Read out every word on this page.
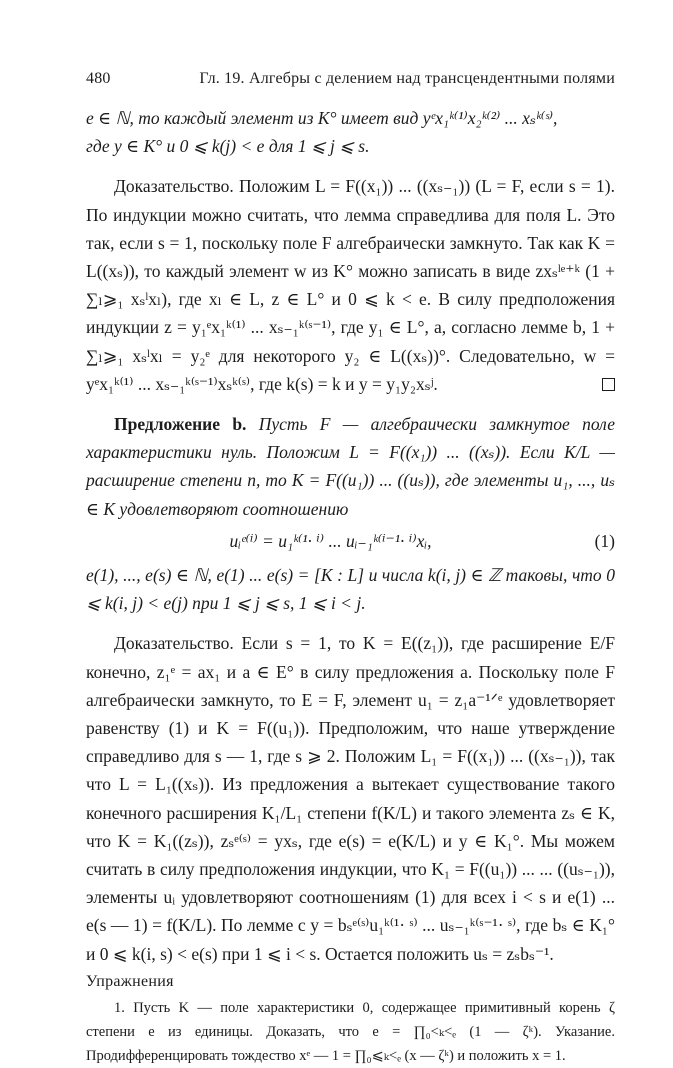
480	Гл. 19. Алгебры с делением над трансцендентными полями

e ∈ ℕ, то каждый элемент из K° имеет вид yᵉx₁ᵏ⁽¹⁾x₂ᵏ⁽²⁾ ... xₛᵏ⁽ˢ⁾,

где y ∈ K° и 0 ⩽ k(j) < e для 1 ⩽ j ⩽ s.

Доказательство. Положим L = F((x₁)) ... ((xₛ₋₁)) (L = F, если s = 1). По индукции можно считать, что лемма справедлива для поля L. Это так, если s = 1, поскольку поле F алгебраически замкнуто. Так как K = L((xₛ)), то каждый элемент w из K° можно записать в виде zxₛˡᵉ⁺ᵏ (1 + ∑ₗ⩾₁ xₛˡxₗ), где xₗ ∈ L, z ∈ L° и 0 ⩽ k < e. В силу предположения индукции z = y₁ᵉx₁ᵏ⁽¹⁾ ... xₛ₋₁ᵏ⁽ˢ⁻¹⁾, где y₁ ∈ L°, а, согласно лемме b, 1 + ∑ₗ⩾₁ xₛˡxₗ = y₂ᵉ для некоторого y₂ ∈ L((xₛ))°. Следовательно, w = yᵉx₁ᵏ⁽¹⁾ ... xₛ₋₁ᵏ⁽ˢ⁻¹⁾xₛᵏ⁽ˢ⁾, где k(s) = k и y = y₁y₂xₛʲ.

Предложение b. Пусть F — алгебраически замкнутое поле характеристики нуль. Положим L = F((x₁)) ... ((xₛ)). Если K/L — расширение степени n, то K = F((u₁)) ... ((uₛ)), где элементы u₁, ..., uₛ ∈ K удовлетворяют соотношению

uᵢᵉ⁽ⁱ⁾ = u₁ᵏ⁽¹· ⁱ⁾ ... uᵢ₋₁ᵏ⁽ⁱ⁻¹· ⁱ⁾xᵢ,	(1)

e(1), ..., e(s) ∈ ℕ, e(1) ... e(s) = [K : L] и числа k(i, j) ∈ ℤ таковы, что 0 ⩽ k(i, j) < e(j) при 1 ⩽ j ⩽ s, 1 ⩽ i < j.

Доказательство. Если s = 1, то K = E((z₁)), где расширение E/F конечно, z₁ᵉ = ax₁ и a ∈ E° в силу предложения a. Поскольку поле F алгебраически замкнуто, то E = F, элемент u₁ = z₁a⁻¹ᐟᵉ удовлетворяет равенству (1) и K = F((u₁)). Предположим, что наше утверждение справедливо для s — 1, где s ⩾ 2. Положим L₁ = F((x₁)) ... ((xₛ₋₁)), так что L = L₁((xₛ)). Из предложения a вытекает существование такого конечного расширения K₁/L₁ степени f(K/L) и такого элемента zₛ ∈ K, что K = K₁((zₛ)), zₛᵉ⁽ˢ⁾ = yxₛ, где e(s) = e(K/L) и y ∈ K₁°. Мы можем считать в силу предположения индукции, что K₁ = F((u₁)) ... ... ((uₛ₋₁)), элементы uᵢ удовлетворяют соотношениям (1) для всех i < s и e(1) ... e(s — 1) = f(K/L). По лемме c y = bₛᵉ⁽ˢ⁾u₁ᵏ⁽¹· ˢ⁾ ... uₛ₋₁ᵏ⁽ˢ⁻¹· ˢ⁾, где bₛ ∈ K₁° и 0 ⩽ k(i, s) < e(s) при 1 ⩽ i < s. Остается положить uₛ = zₛbₛ⁻¹.

Упражнения

1. Пусть K — поле характеристики 0, содержащее примитивный корень ζ степени e из единицы. Доказать, что e = ∏₀<ₖ<ₑ (1 — ζᵏ). Указание. Продифференцировать тождество xᵉ — 1 = ∏₀⩽ₖ<ₑ (x — ζᵏ) и положить x = 1.
